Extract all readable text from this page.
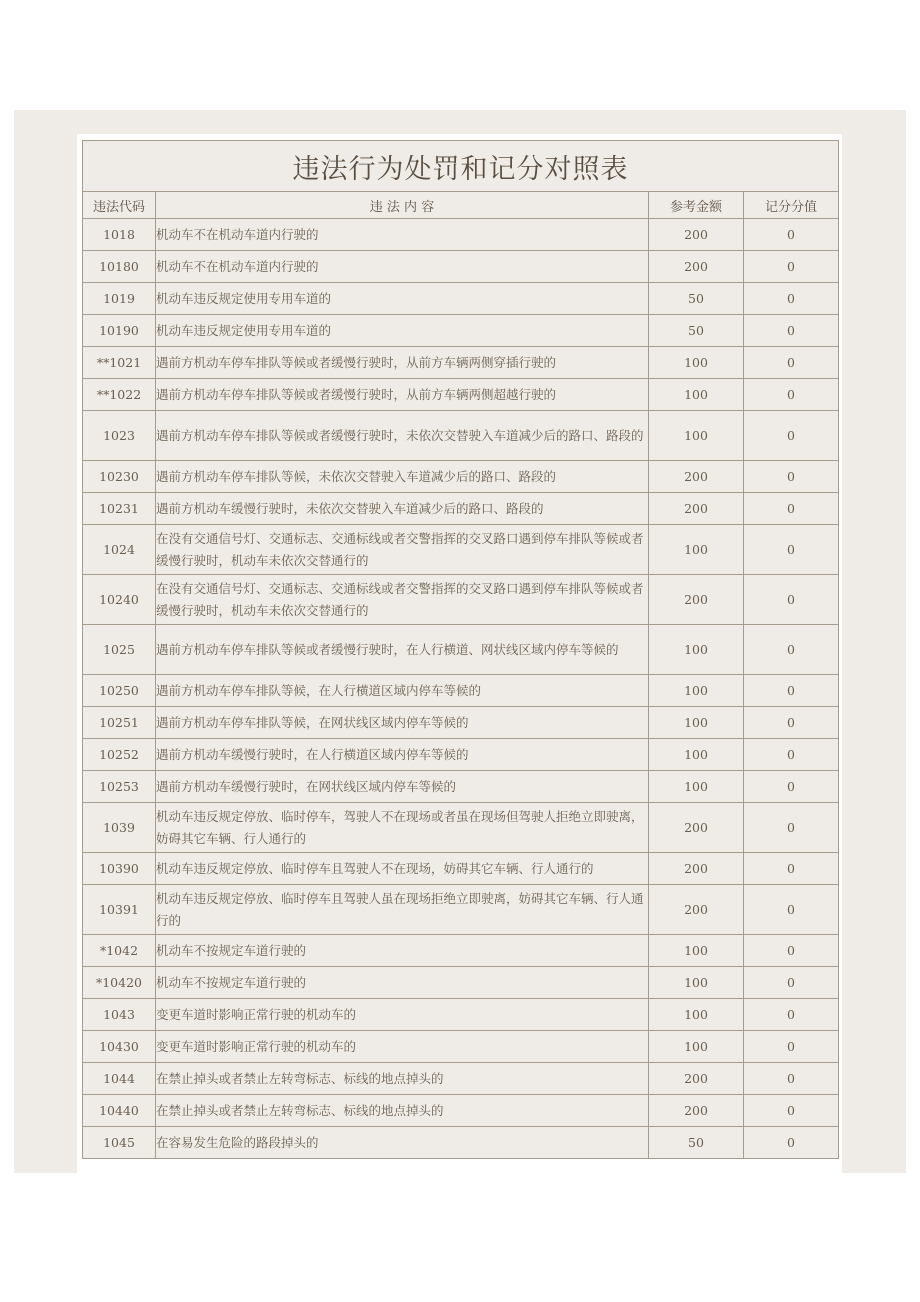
违法行为处罚和记分对照表			
违法代码	违 法 内 容	参考金额	记分分值
1018	机动车不在机动车道内行驶的	200	0
10180	机动车不在机动车道内行驶的	200	0
1019	机动车违反规定使用专用车道的	50	0
10190	机动车违反规定使用专用车道的	50	0
**1021	遇前方机动车停车排队等候或者缓慢行驶时，从前方车辆两侧穿插行驶的	100	0
**1022	遇前方机动车停车排队等候或者缓慢行驶时，从前方车辆两侧超越行驶的	100	0
1023	遇前方机动车停车排队等候或者缓慢行驶时，未依次交替驶入车道减少后的路口、路段的	100	0
10230	遇前方机动车停车排队等候，未依次交替驶入车道减少后的路口、路段的	200	0
10231	遇前方机动车缓慢行驶时，未依次交替驶入车道减少后的路口、路段的	200	0
1024	在没有交通信号灯、交通标志、交通标线或者交警指挥的交叉路口遇到停车排队等候或者缓慢行驶时，机动车未依次交替通行的	100	0
10240	在没有交通信号灯、交通标志、交通标线或者交警指挥的交叉路口遇到停车排队等候或者缓慢行驶时，机动车未依次交替通行的	200	0
1025	遇前方机动车停车排队等候或者缓慢行驶时，在人行横道、网状线区域内停车等候的	100	0
10250	遇前方机动车停车排队等候，在人行横道区域内停车等候的	100	0
10251	遇前方机动车停车排队等候，在网状线区域内停车等候的	100	0
10252	遇前方机动车缓慢行驶时，在人行横道区域内停车等候的	100	0
10253	遇前方机动车缓慢行驶时，在网状线区域内停车等候的	100	0
1039	机动车违反规定停放、临时停车，驾驶人不在现场或者虽在现场但驾驶人拒绝立即驶离，妨碍其它车辆、行人通行的	200	0
10390	机动车违反规定停放、临时停车且驾驶人不在现场，妨碍其它车辆、行人通行的	200	0
10391	机动车违反规定停放、临时停车且驾驶人虽在现场拒绝立即驶离，妨碍其它车辆、行人通行的	200	0
*1042	机动车不按规定车道行驶的	100	0
*10420	机动车不按规定车道行驶的	100	0
1043	变更车道时影响正常行驶的机动车的	100	0
10430	变更车道时影响正常行驶的机动车的	100	0
1044	在禁止掉头或者禁止左转弯标志、标线的地点掉头的	200	0
10440	在禁止掉头或者禁止左转弯标志、标线的地点掉头的	200	0
1045	在容易发生危险的路段掉头的	50	0
